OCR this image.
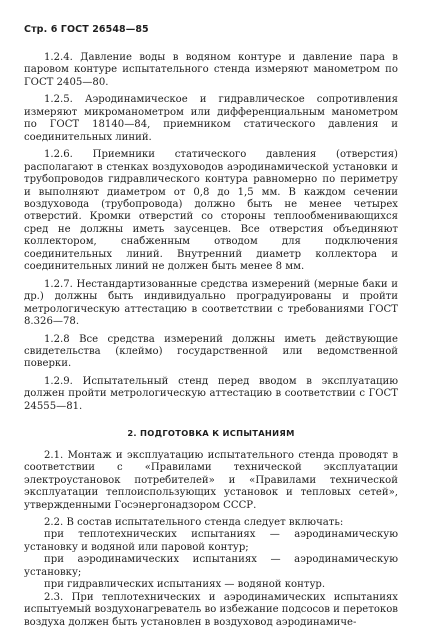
Стр. 6 ГОСТ 26548—85

1.2.4. Давление воды в водяном контуре и давление пара в паровом контуре испытательного стенда измеряют манометром по ГОСТ 2405—80.

1.2.5. Аэродинамическое и гидравлическое сопротивления измеряют микроманометром или дифференциальным манометром по ГОСТ 18140—84, приемником статического давления и соединительных линий.

1.2.6. Приемники статического давления (отверстия) располагают в стенках воздуховодов аэродинамической установки и трубопроводов гидравлического контура равномерно по периметру и выполняют диаметром от 0,8 до 1,5 мм. В каждом сечении воздуховода (трубопровода) должно быть не менее четырех отверстий. Кромки отверстий со стороны теплообменивающихся сред не должны иметь заусенцев. Все отверстия объединяют коллектором, снабженным отводом для подключения соединительных линий. Внутренний диаметр коллектора и соединительных линий не должен быть менее 8 мм.

1.2.7. Нестандартизованные средства измерений (мерные баки и др.) должны быть индивидуально проградуированы и пройти метрологическую аттестацию в соответствии с требованиями ГОСТ 8.326—78.

1.2.8 Все средства измерений должны иметь действующие свидетельства (клеймо) государственной или ведомственной поверки.

1.2.9. Испытательный стенд перед вводом в эксплуатацию должен пройти метрологическую аттестацию в соответствии с ГОСТ 24555—81.

2. ПОДГОТОВКА К ИСПЫТАНИЯМ

2.1. Монтаж и эксплуатацию испытательного стенда проводят в соответствии с «Правилами технической эксплуатации электроустановок потребителей» и «Правилами технической эксплуатации теплоиспользующих установок и тепловых сетей», утвержденными Госэнергонадзором СССР.

2.2. В состав испытательного стенда следует включать:

при теплотехнических испытаниях — аэродинамическую установку и водяной или паровой контур;

при аэродинамических испытаниях — аэродинамическую установку;

при гидравлических испытаниях — водяной контур.

2.3. При теплотехнических и аэродинамических испытаниях испытуемый воздухонагреватель во избежание подсосов и перетоков воздуха должен быть установлен в воздуховод аэродинамиче-
